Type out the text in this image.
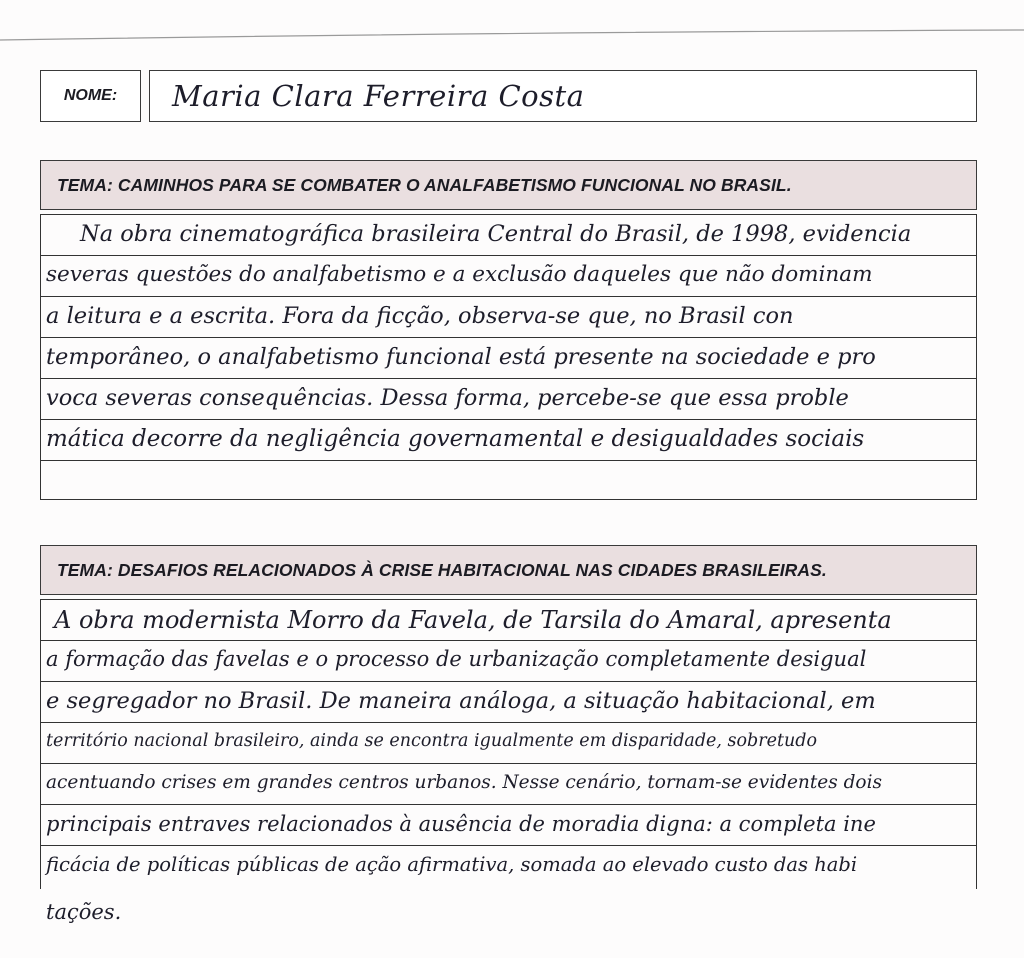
NOME: Maria Clara Ferreira Costa
TEMA: CAMINHOS PARA SE COMBATER O ANALFABETISMO FUNCIONAL NO BRASIL.
Na obra cinematográfica brasileira Central do Brasil, de 1998, evidencia
severas questões do analfabetismo e a exclusão daqueles que não dominam
a leitura e a escrita. Fora da ficção, observa-se que, no Brasil con
temporâneo, o analfabetismo funcional está presente na sociedade e pro
voca severas consequências. Dessa forma, percebe-se que essa proble
mática decorre da negligência governamental e desigualdades sociais
TEMA: DESAFIOS RELACIONADOS À CRISE HABITACIONAL NAS CIDADES BRASILEIRAS.
A obra modernista Morro da Favela, de Tarsila do Amaral, apresenta
a formação das favelas e o processo de urbanização completamente desigual
e segregador no Brasil. De maneira análoga, a situação habitacional, em
território nacional brasileiro, ainda se encontra igualmente em disparidade, sobretudo
acentuando crises em grandes centros urbanos. Nesse cenário, tornam-se evidentes dois
principais entraves relacionados à ausência de moradia digna: a completa ine
ficácia de políticas públicas de ação afirmativa, somada ao elevado custo das habi
tações.
